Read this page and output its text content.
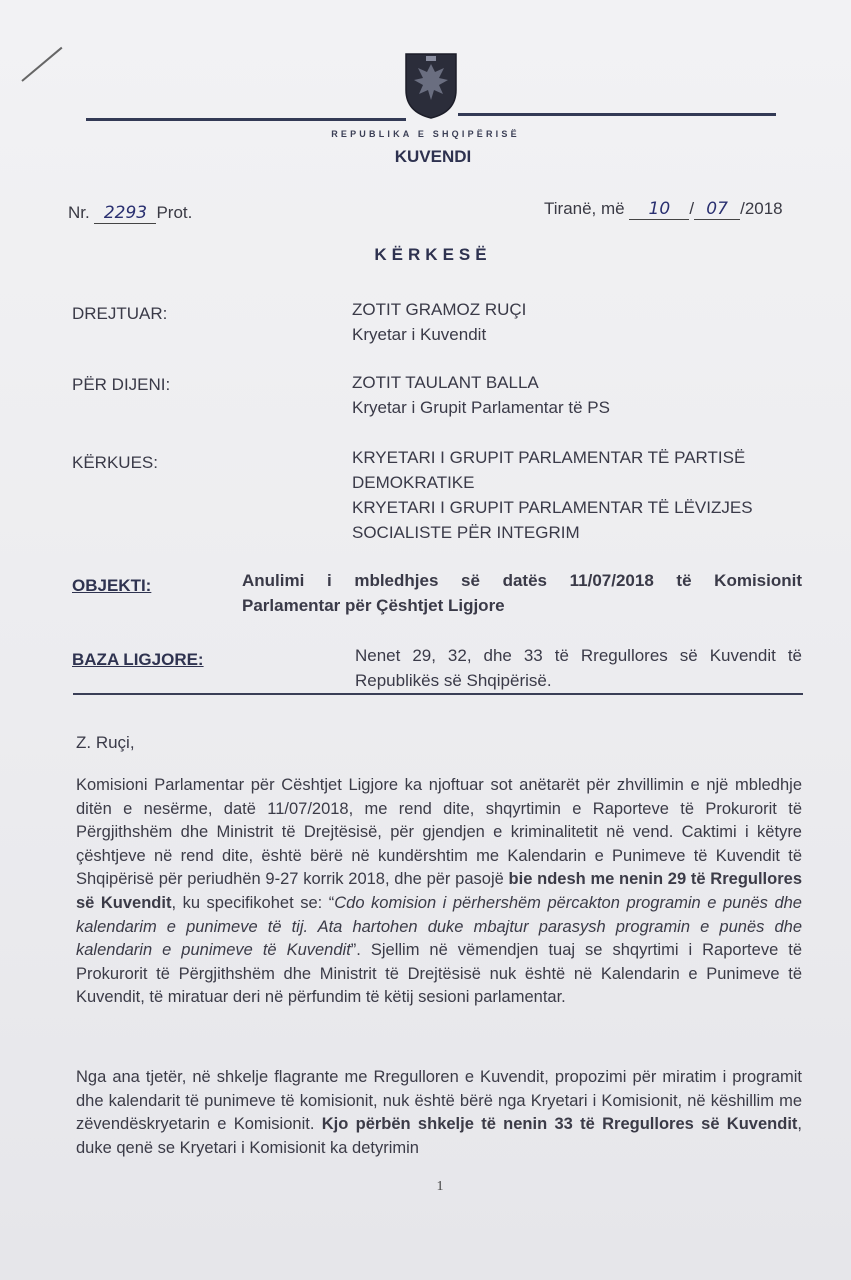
REPUBLIKA E SHQIPËRISË
KUVENDI
Nr. 2293 Prot.	Tiranë, më 10 / 07 /2018
KËRKESË
DREJTUAR:	ZOTIT GRAMOZ RUÇI
Kryetar i Kuvendit
PËR DIJENI:	ZOTIT TAULANT BALLA
Kryetar i Grupit Parlamentar të PS
KËRKUES:	KRYETARI I GRUPIT PARLAMENTAR TË PARTISË
DEMOKRATIKE
KRYETARI I GRUPIT PARLAMENTAR TË LËVIZJES
SOCIALISTE PËR INTEGRIM
OBJEKTI:	Anulimi i mbledhjes së datës 11/07/2018 të Komisionit
Parlamentar për Çështjet Ligjore
BAZA LIGJORE:	Nenet 29, 32, dhe 33 të Rregullores së Kuvendit të
Republikës së Shqipërisë.
Z. Ruçi,
Komisioni Parlamentar për Cështjet Ligjore ka njoftuar sot anëtarët për zhvillimin e një mbledhje ditën e nesërme, datë 11/07/2018, me rend dite, shqyrtimin e Raporteve të Prokurorit të Përgjithshëm dhe Ministrit të Drejtësisë, për gjendjen e kriminalitetit në vend. Caktimi i këtyre çështjeve në rend dite, është bërë në kundërshtim me Kalendarin e Punimeve të Kuvendit të Shqipërisë për periudhën 9-27 korrik 2018, dhe për pasojë bie ndesh me nenin 29 të Rregullores së Kuvendit, ku specifikohet se: “Cdo komision i përhershëm përcakton programin e punës dhe kalendarim e punimeve të tij. Ata hartohen duke mbajtur parasysh programin e punës dhe kalendarin e punimeve të Kuvendit”. Sjellim në vëmendjen tuaj se shqyrtimi i Raporteve të Prokurorit të Përgjithshëm dhe Ministrit të Drejtësisë nuk është në Kalendarin e Punimeve të Kuvendit, të miratuar deri në përfundim të këtij sesioni parlamentar.
Nga ana tjetër, në shkelje flagrante me Rregulloren e Kuvendit, propozimi për miratim i programit dhe kalendarit të punimeve të komisionit, nuk është bërë nga Kryetari i Komisionit, në këshillim me zëvendëskryetarin e Komisionit. Kjo përbën shkelje të nenin 33 të Rregullores së Kuvendit, duke qenë se Kryetari i Komisionit ka detyrimin
1
